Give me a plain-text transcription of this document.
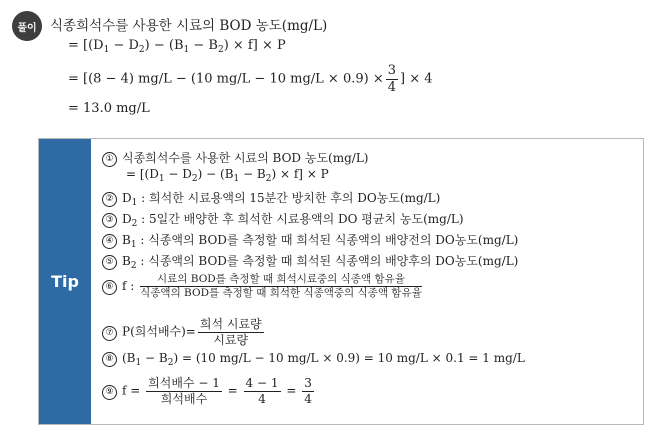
풀이 식종희석수를 사용한 시료의 BOD 농도(mg/L)
= $[(D_1 - D_2) - (B_1 - B_2) \times f] \times P$
= [(8 − 4) mg/L − (10 mg/L − 10 $mg/L \times 0.9) \times \frac{3}{4}$ ] × 4
= 13.0 mg/L
Tip
① 식종희석수를 사용한 시료의 BOD 농도(mg/L)
= $[(D_1 - D_2) - (B_1 - B_2) \times f] \times P$
② $D_1$ : 희석한 시료용액의 15분간 방치한 후의 DO농도(mg/L)
③ $D_2$ : 5일간 배양한 후 희석한 시료용액의 DO 평균치 농도(mg/L)
④ $B_1$ : 식종액의 BOD를 측정할 때 희석된 식종액의 배양전의 DO농도(mg/L)
⑤ $B_2$ : 식종액의 BOD를 측정할 때 희석된 식종액의 배양후의 DO농도(mg/L)
⑥ f : $\frac{\text{시료의 BOD를 측정할 때 희석시료중의 식종액 함유율}}{\text{식종액의 BOD를 측정할 때 희석한 식종액중의 식종액 함유율}}$
⑦ P(희석배수)= $\frac{\text{희석 시료량}}{\text{시료량}}$
⑧ $(B_1 - B_2) = (10$ mg/L − 10 mg/L × 0.9) = 10 mg/L × 0.1 = 1 mg/L
⑨ $f = \frac{\text{희석배수 − 1}}{\text{희석배수}} = \frac{4 - 1}{4} = \frac{3}{4}$
